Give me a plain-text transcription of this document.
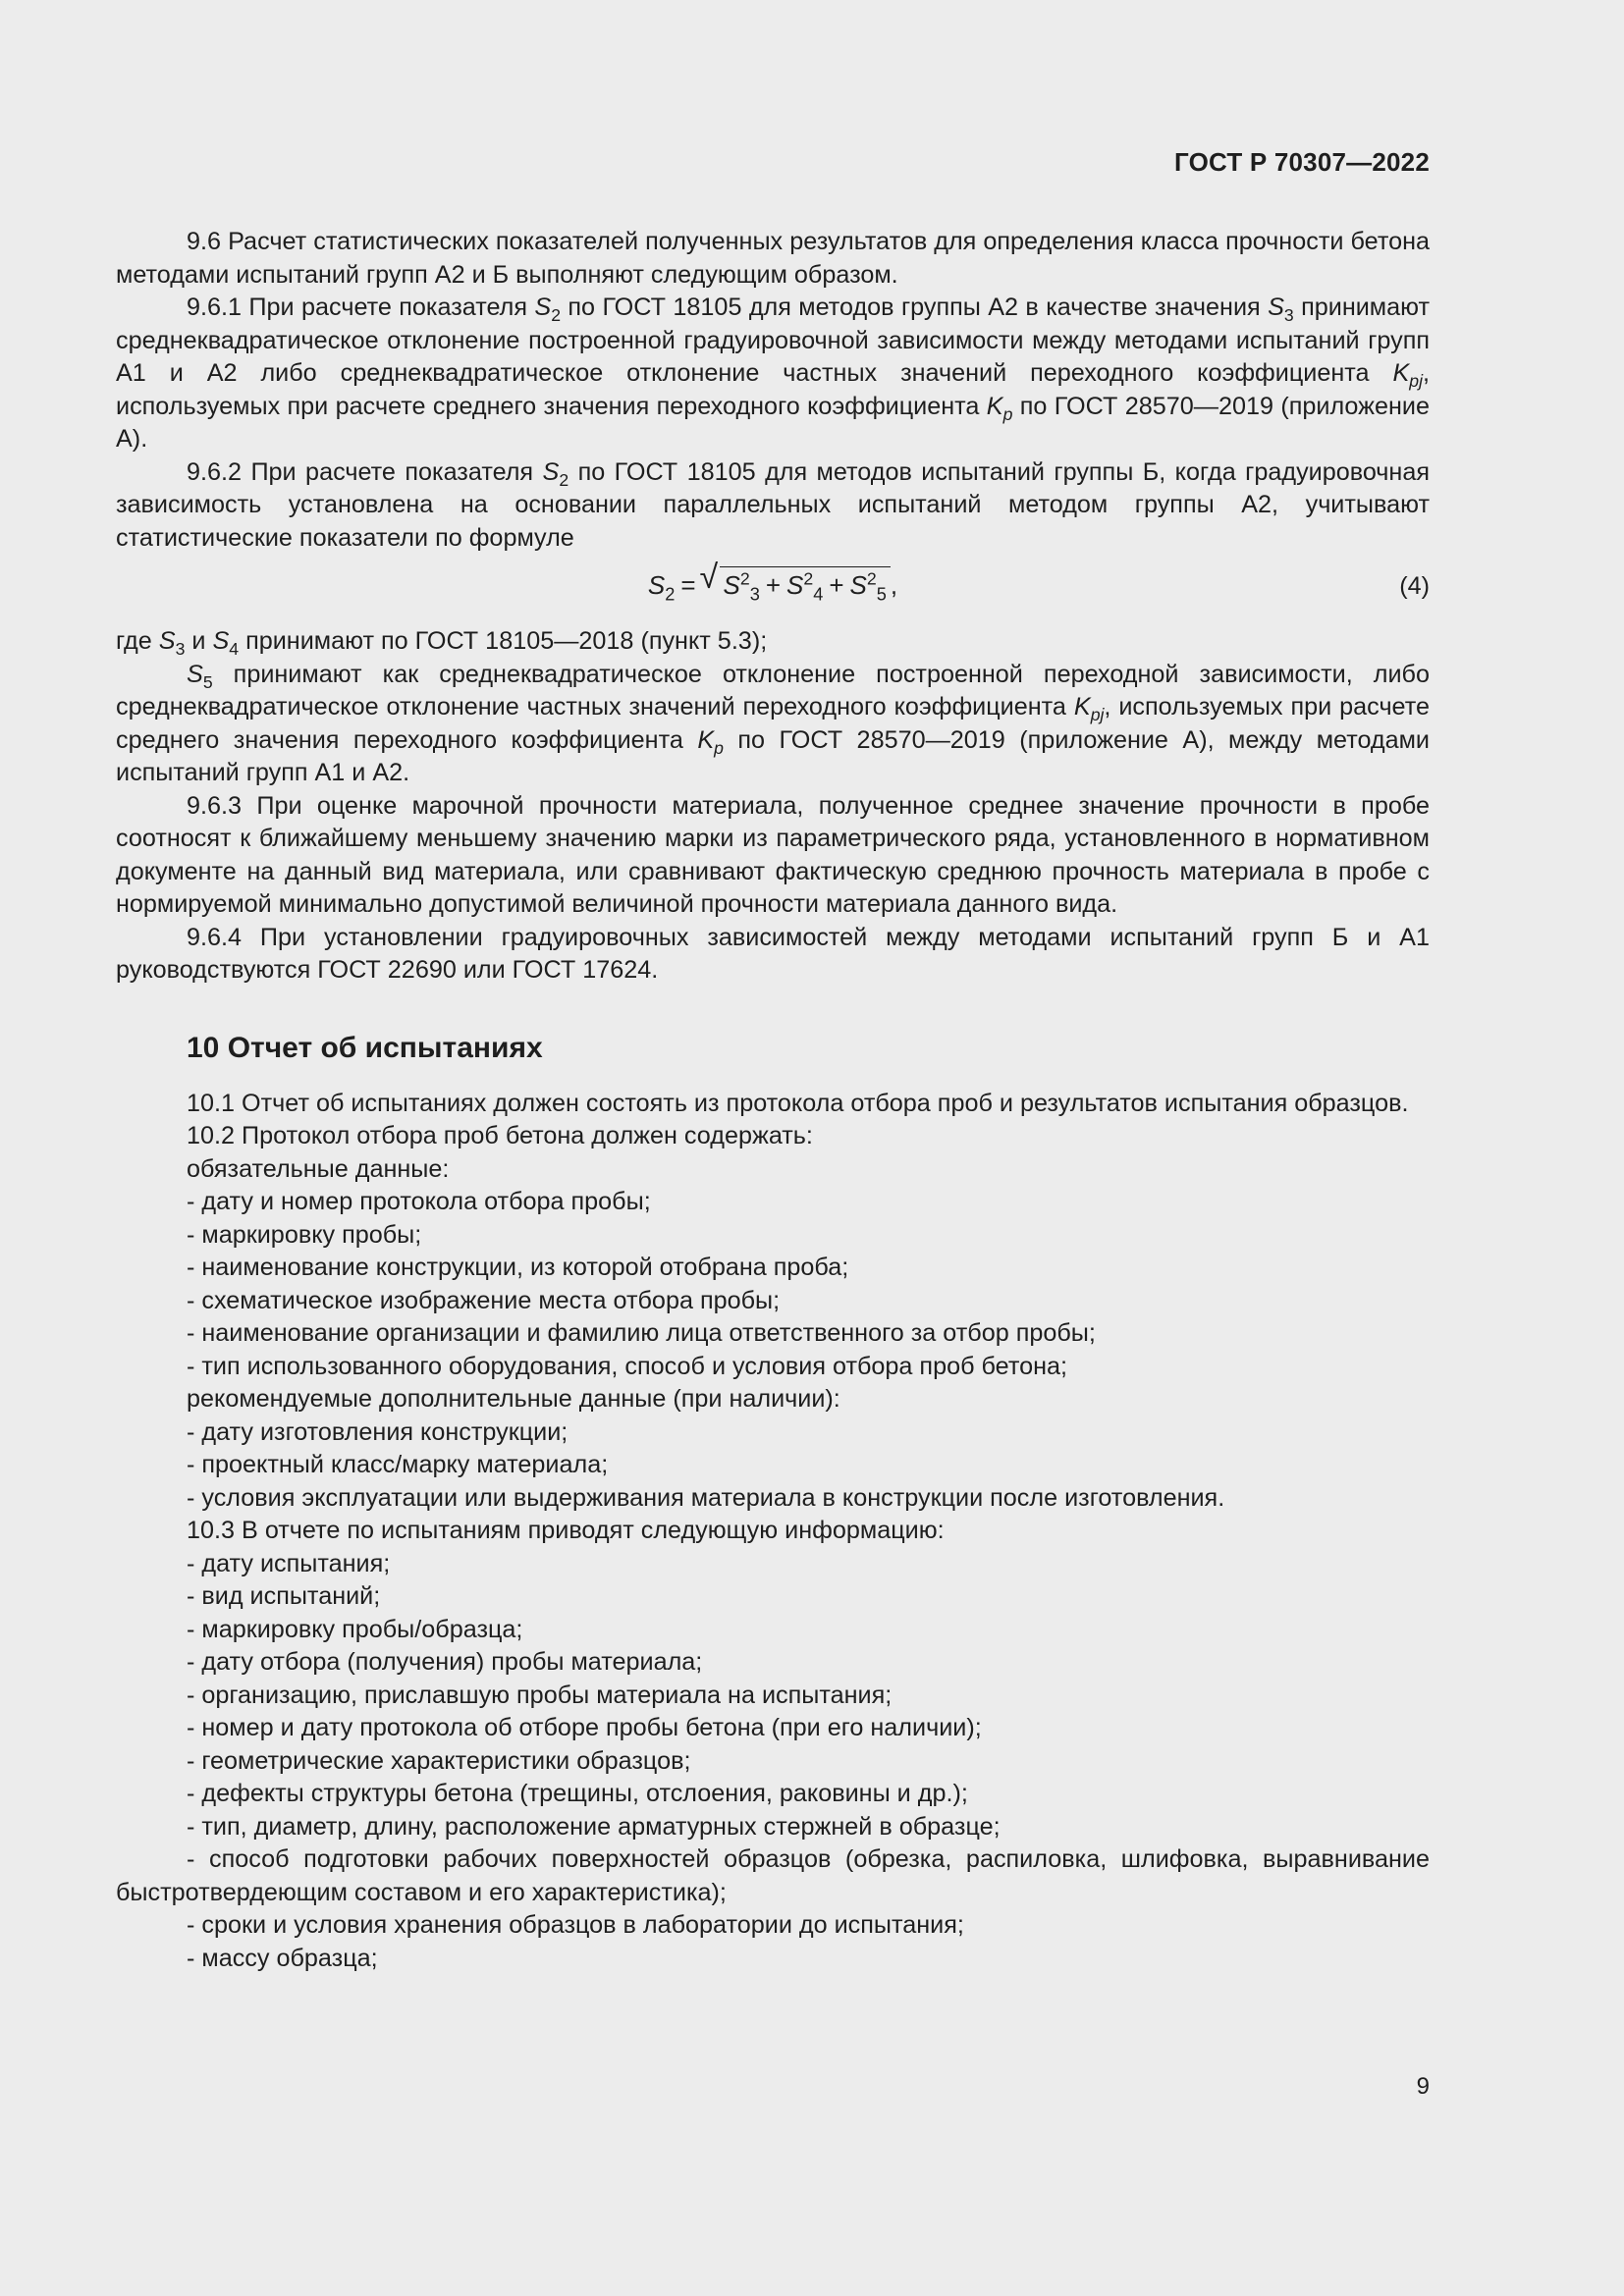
ГОСТ Р 70307—2022

9.6 Расчет статистических показателей полученных результатов для определения класса прочности бетона методами испытаний групп А2 и Б выполняют следующим образом.

9.6.1 При расчете показателя $S_2$ по ГОСТ 18105 для методов группы А2 в качестве значения $S_3$ принимают среднеквадратическое отклонение построенной градуировочной зависимости между методами испытаний групп А1 и А2 либо среднеквадратическое отклонение частных значений переходного коэффициента $K_{pj}$, используемых при расчете среднего значения переходного коэффициента $K_p$ по ГОСТ 28570—2019 (приложение А).

9.6.2 При расчете показателя $S_2$ по ГОСТ 18105 для методов испытаний группы Б, когда градуировочная зависимость установлена на основании параллельных испытаний методом группы А2, учитывают статистические показатели по формуле

$S_2$ =√ $S^2_3 + S^2_4 + S^2_5$ ,	(4)

где $S_3$ и $S_4$ принимают по ГОСТ 18105—2018 (пункт 5.3);

$S_5$ принимают как среднеквадратическое отклонение построенной переходной зависимости, либо среднеквадратическое отклонение частных значений переходного коэффициента $K_{pj}$, используемых при расчете среднего значения переходного коэффициента $K_p$ по ГОСТ 28570—2019 (приложение А), между методами испытаний групп А1 и А2.

9.6.3 При оценке марочной прочности материала, полученное среднее значение прочности в пробе соотносят к ближайшему меньшему значению марки из параметрического ряда, установленного в нормативном документе на данный вид материала, или сравнивают фактическую среднюю прочность материала в пробе с нормируемой минимально допустимой величиной прочности материала данного вида.

9.6.4 При установлении градуировочных зависимостей между методами испытаний групп Б и А1 руководствуются ГОСТ 22690 или ГОСТ 17624.

10 Отчет об испытаниях

10.1 Отчет об испытаниях должен состоять из протокола отбора проб и результатов испытания образцов.

10.2 Протокол отбора проб бетона должен содержать:

обязательные данные:

- дату и номер протокола отбора пробы;

- маркировку пробы;

- наименование конструкции, из которой отобрана проба;

- схематическое изображение места отбора пробы;

- наименование организации и фамилию лица ответственного за отбор пробы;

- тип использованного оборудования, способ и условия отбора проб бетона;

рекомендуемые дополнительные данные (при наличии):

- дату изготовления конструкции;

- проектный класс/марку материала;

- условия эксплуатации или выдерживания материала в конструкции после изготовления.

10.3 В отчете по испытаниям приводят следующую информацию:

- дату испытания;

- вид испытаний;

- маркировку пробы/образца;

- дату отбора (получения) пробы материала;

- организацию, приславшую пробы материала на испытания;

- номер и дату протокола об отборе пробы бетона (при его наличии);

- геометрические характеристики образцов;

- дефекты структуры бетона (трещины, отслоения, раковины и др.);

- тип, диаметр, длину, расположение арматурных стержней в образце;

- способ подготовки рабочих поверхностей образцов (обрезка, распиловка, шлифовка, выравнивание быстротвердеющим составом и его характеристика);

- сроки и условия хранения образцов в лаборатории до испытания;

- массу образца;

9
